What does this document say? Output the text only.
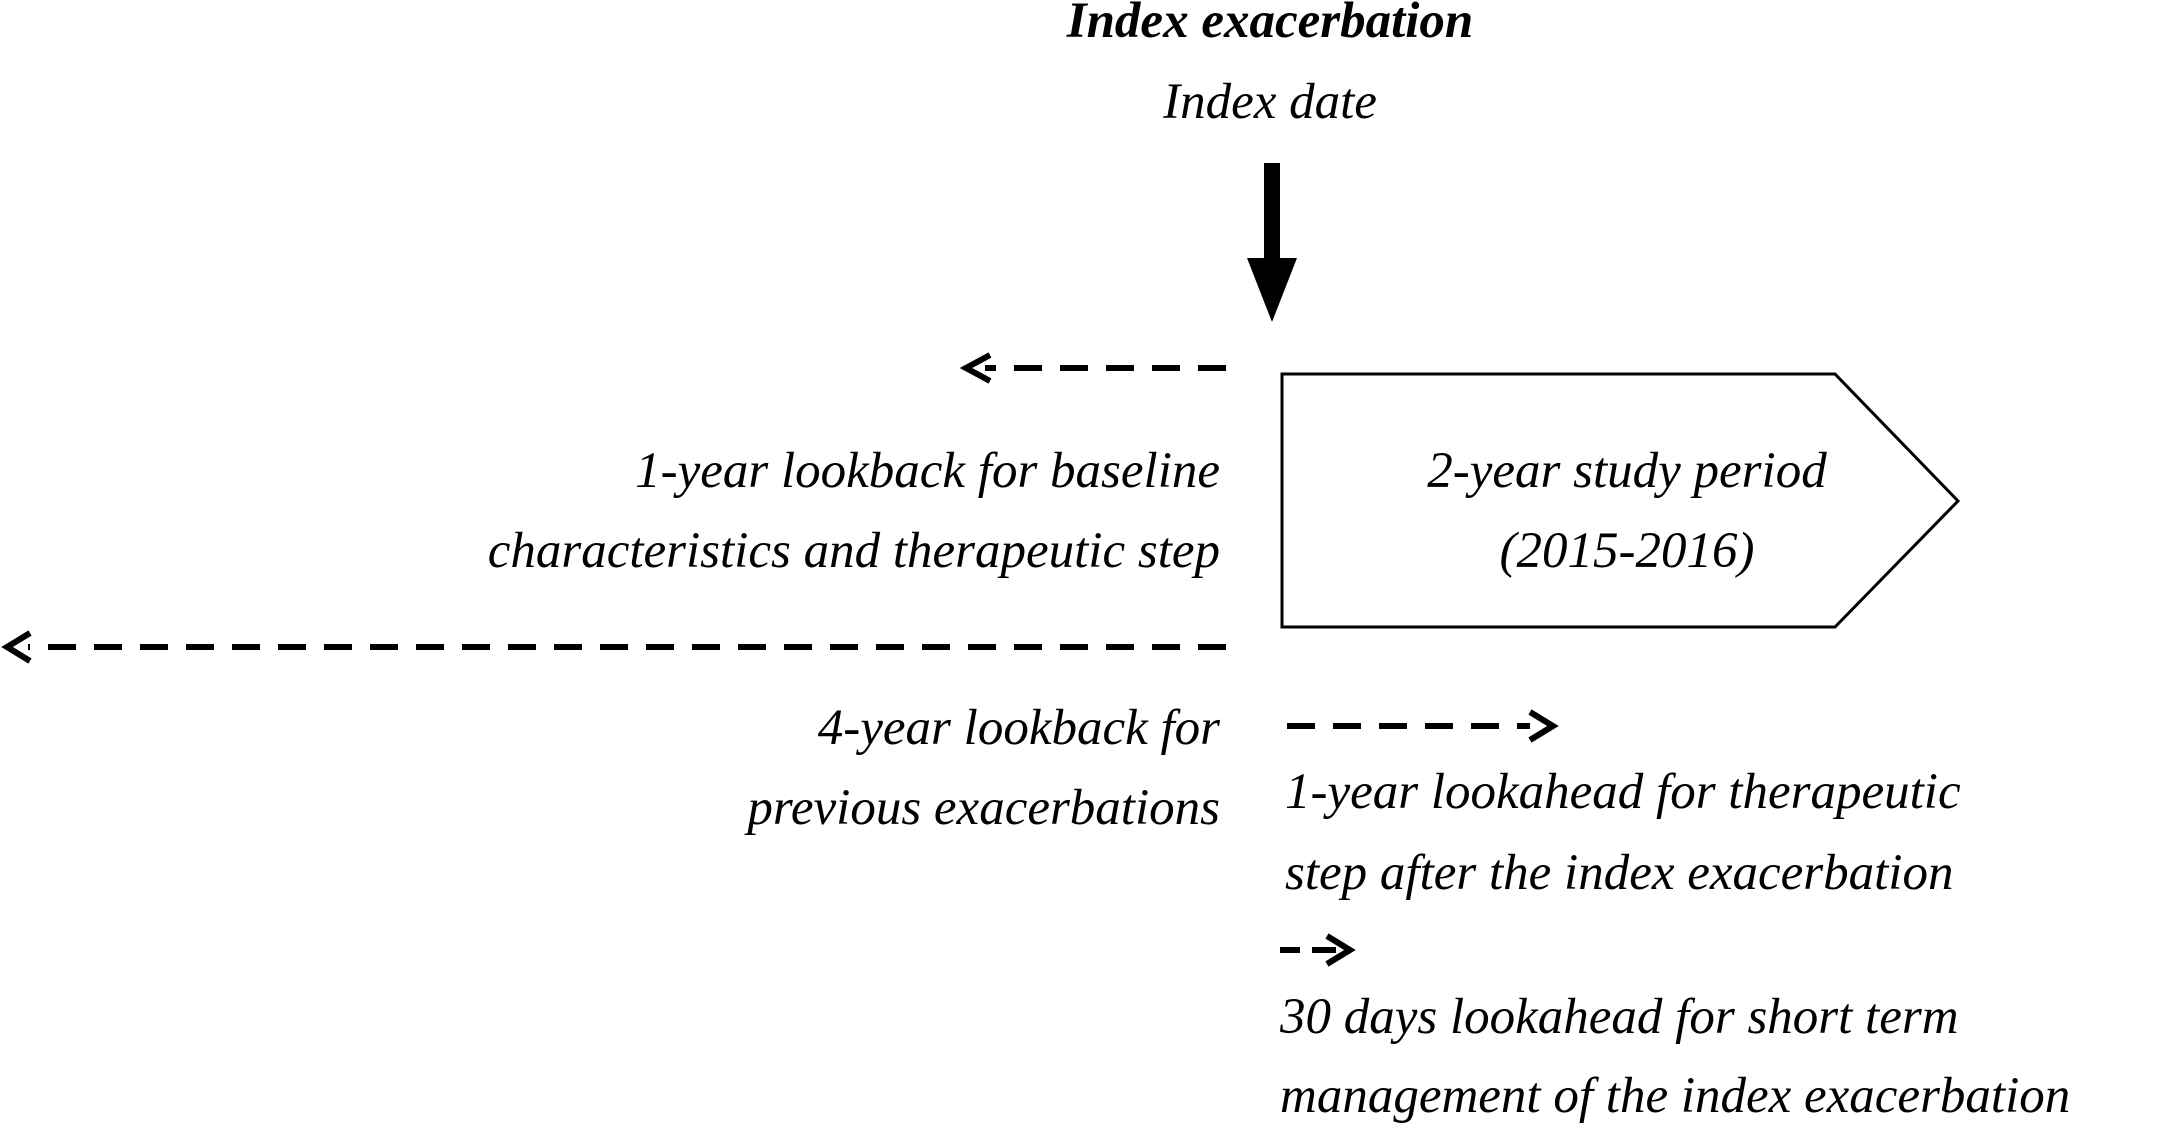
Index exacerbation
Index date
2-year study period
(2015-2016)
1-year lookback for baseline
characteristics and therapeutic step
4-year lookback for
previous exacerbations 1-year lookahead for therapeutic
step after the index exacerbation
30 days lookahead for short term
management of the index exacerbation
